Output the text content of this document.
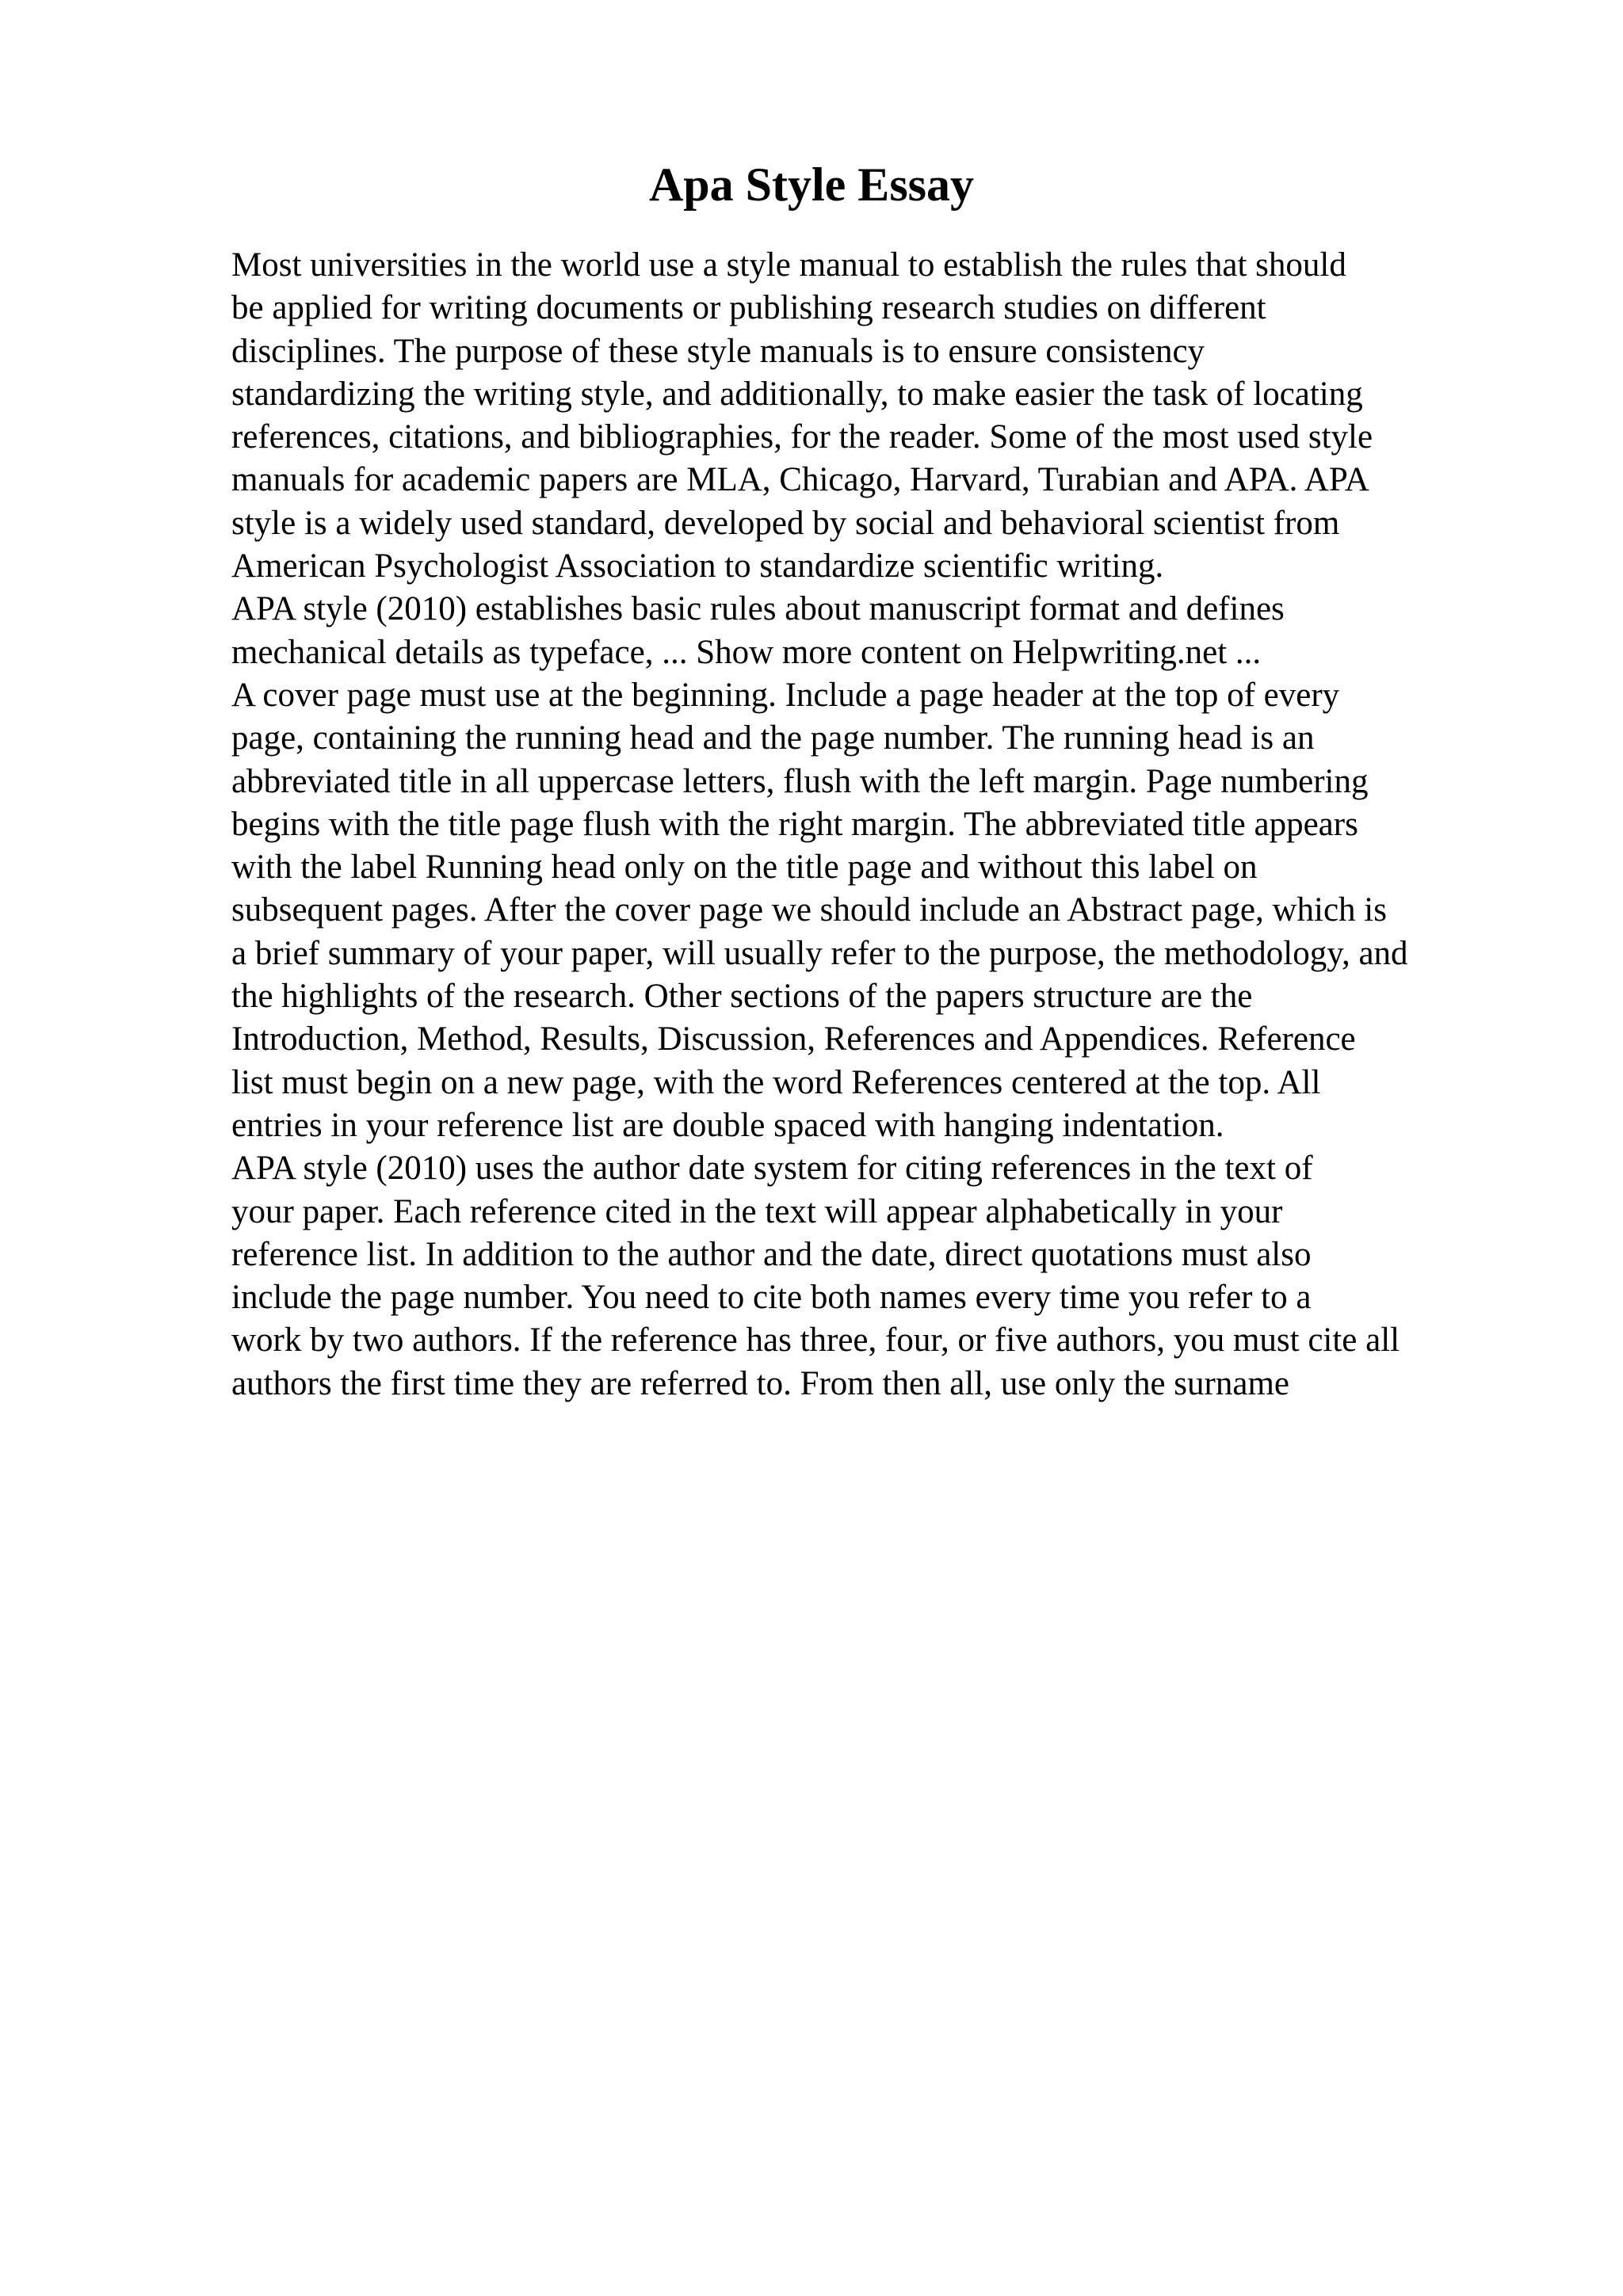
Apa Style Essay
Most universities in the world use a style manual to establish the rules that should
be applied for writing documents or publishing research studies on different
disciplines. The purpose of these style manuals is to ensure consistency
standardizing the writing style, and additionally, to make easier the task of locating
references, citations, and bibliographies, for the reader. Some of the most used style
manuals for academic papers are MLA, Chicago, Harvard, Turabian and APA. APA
style is a widely used standard, developed by social and behavioral scientist from
American Psychologist Association to standardize scientific writing.
APA style (2010) establishes basic rules about manuscript format and defines
mechanical details as typeface, ... Show more content on Helpwriting.net ...
A cover page must use at the beginning. Include a page header at the top of every
page, containing the running head and the page number. The running head is an
abbreviated title in all uppercase letters, flush with the left margin. Page numbering
begins with the title page flush with the right margin. The abbreviated title appears
with the label Running head only on the title page and without this label on
subsequent pages. After the cover page we should include an Abstract page, which is
a brief summary of your paper, will usually refer to the purpose, the methodology, and
the highlights of the research. Other sections of the papers structure are the
Introduction, Method, Results, Discussion, References and Appendices. Reference
list must begin on a new page, with the word References centered at the top. All
entries in your reference list are double spaced with hanging indentation.
APA style (2010) uses the author date system for citing references in the text of
your paper. Each reference cited in the text will appear alphabetically in your
reference list. In addition to the author and the date, direct quotations must also
include the page number. You need to cite both names every time you refer to a
work by two authors. If the reference has three, four, or five authors, you must cite all
authors the first time they are referred to. From then all, use only the surname
